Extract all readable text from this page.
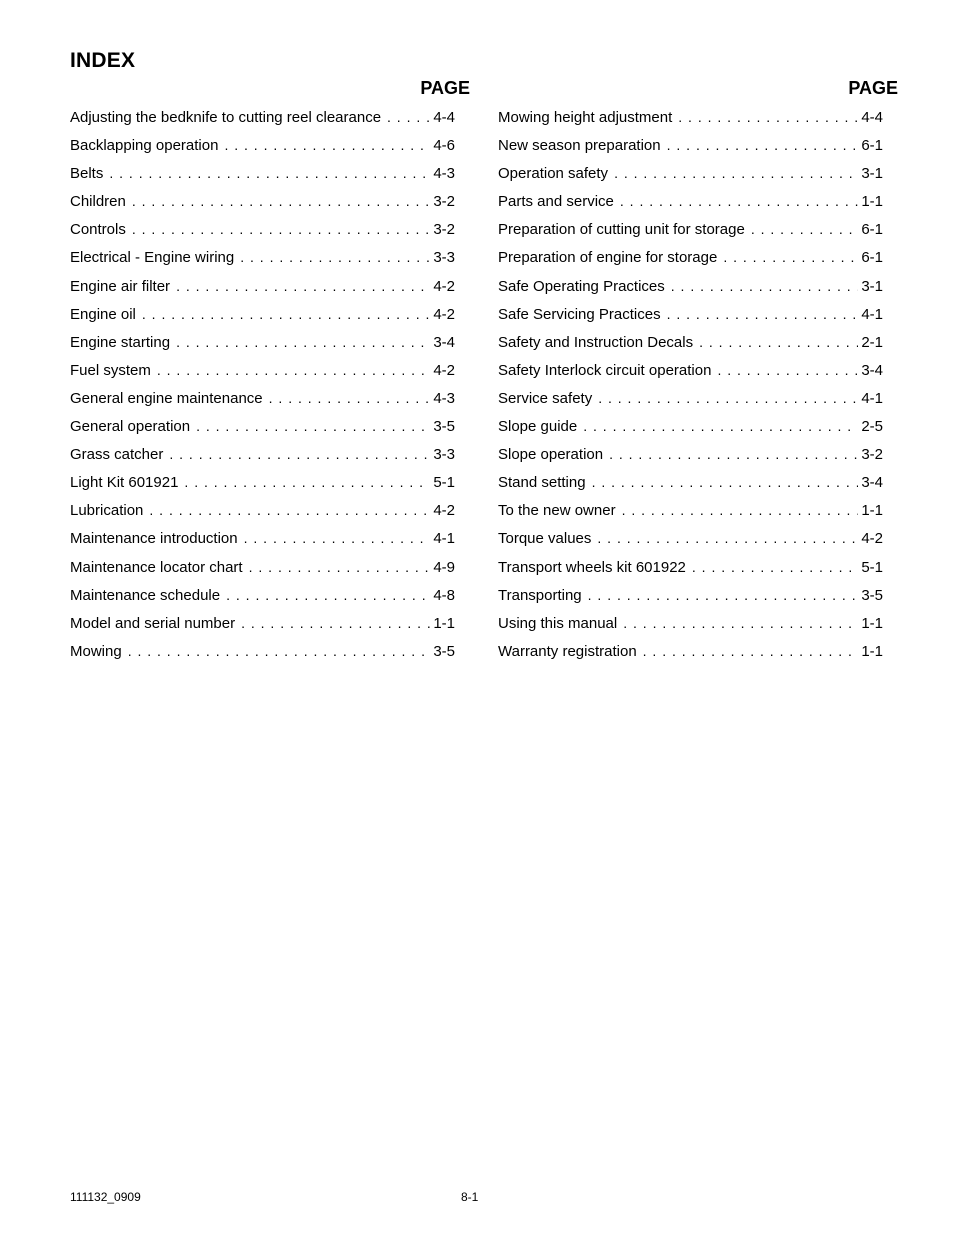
INDEX
PAGE
Adjusting the bedknife to cutting reel clearance . . .	4-4
Backlapping operation . . .	4-6
Belts . . .	4-3
Children . . .	3-2
Controls . . .	3-2
Electrical - Engine wiring . . .	3-3
Engine air filter . . .	4-2
Engine oil . . .	4-2
Engine starting . . .	3-4
Fuel system . . .	4-2
General engine maintenance . . .	4-3
General operation . . .	3-5
Grass catcher . . .	3-3
Light Kit 601921 . . .	5-1
Lubrication . . .	4-2
Maintenance introduction . . .	4-1
Maintenance locator chart . . .	4-9
Maintenance schedule . . .	4-8
Model and serial number . . .	1-1
Mowing . . .	3-5
PAGE
Mowing height adjustment . . .	4-4
New season preparation . . .	6-1
Operation safety . . .	3-1
Parts and service . . .	1-1
Preparation of cutting unit for storage . . .	6-1
Preparation of engine for storage . . .	6-1
Safe Operating Practices . . .	3-1
Safe Servicing Practices . . .	4-1
Safety and Instruction Decals . . .	2-1
Safety Interlock circuit operation . . .	3-4
Service safety . . .	4-1
Slope guide . . .	2-5
Slope operation . . .	3-2
Stand setting . . .	3-4
To the new owner . . .	1-1
Torque values . . .	4-2
Transport wheels kit 601922 . . .	5-1
Transporting . . .	3-5
Using this manual . . .	1-1
Warranty registration . . .	1-1
111132_0909	8-1
